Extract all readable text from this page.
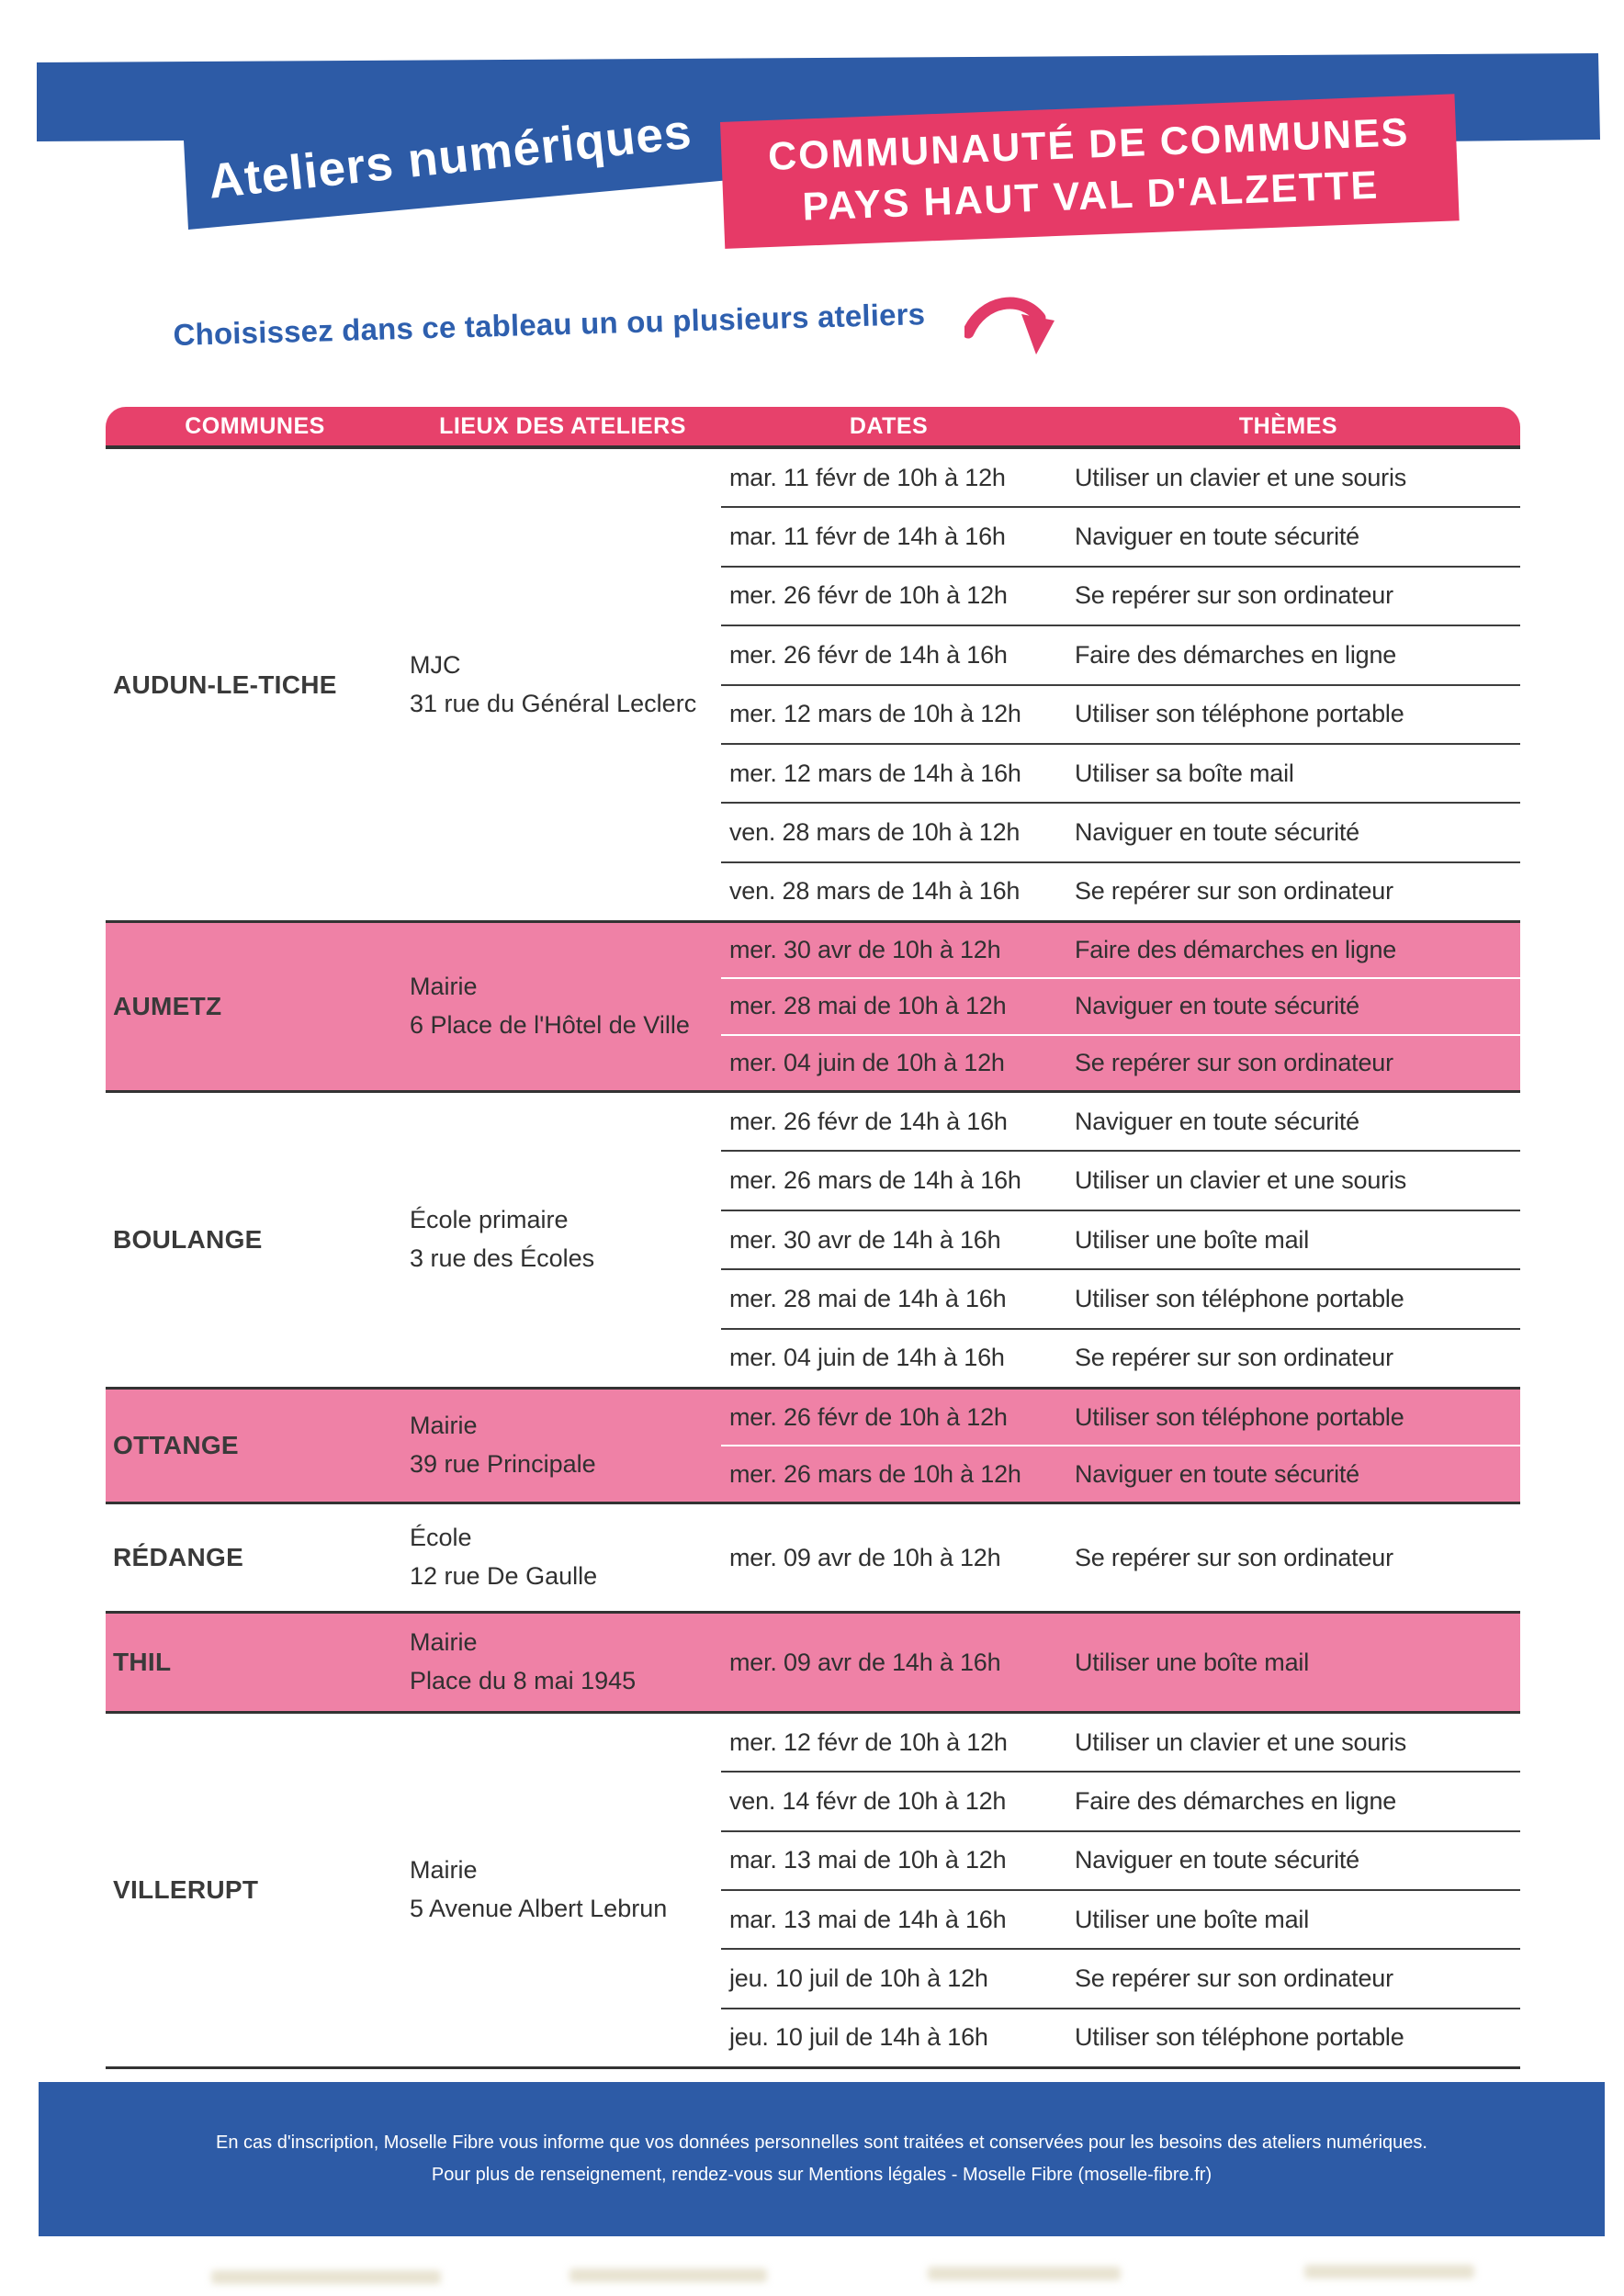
Ateliers numériques	COMMUNAUTÉ DE COMMUNES
PAYS HAUT VAL D'ALZETTE
Choisissez dans ce tableau un ou plusieurs ateliers
COMMUNES	LIEUX DES ATELIERS	DATES	THÈMES
AUDUN-LE-TICHE
MJC
31 rue du Général Leclerc
mar. 11 févr de 10h à 12h	Utiliser un clavier et une souris
mar. 11 févr de 14h à 16h	Naviguer en toute sécurité
mer. 26 févr de 10h à 12h	Se repérer sur son ordinateur
mer. 26 févr de 14h à 16h	Faire des démarches en ligne
mer. 12 mars de 10h à 12h	Utiliser son téléphone portable
mer. 12 mars de 14h à 16h	Utiliser sa boîte mail
ven. 28 mars de 10h à 12h	Naviguer en toute sécurité
ven. 28 mars de 14h à 16h	Se repérer sur son ordinateur
AUMETZ
Mairie
6 Place de l'Hôtel de Ville
mer. 30 avr de 10h à 12h	Faire des démarches en ligne
mer. 28 mai de 10h à 12h	Naviguer en toute sécurité
mer. 04 juin de 10h à 12h	Se repérer sur son ordinateur
BOULANGE
École primaire
3 rue des Écoles
mer. 26 févr de 14h à 16h	Naviguer en toute sécurité
mer. 26 mars de 14h à 16h	Utiliser un clavier et une souris
mer. 30 avr de 14h à 16h	Utiliser une boîte mail
mer. 28 mai de 14h à 16h	Utiliser son téléphone portable
mer. 04 juin de 14h à 16h	Se repérer sur son ordinateur
OTTANGE
Mairie
39 rue Principale
mer. 26 févr de 10h à 12h	Utiliser son téléphone portable
mer. 26 mars de 10h à 12h	Naviguer en toute sécurité
RÉDANGE
École
12 rue De Gaulle
mer. 09 avr de 10h à 12h	Se repérer sur son ordinateur
THIL
Mairie
Place du 8 mai 1945
mer. 09 avr de 14h à 16h	Utiliser une boîte mail
VILLERUPT
Mairie
5 Avenue Albert Lebrun
mer. 12 févr de 10h à 12h	Utiliser un clavier et une souris
ven. 14 févr de 10h à 12h	Faire des démarches en ligne
mar. 13 mai de 10h à 12h	Naviguer en toute sécurité
mar. 13 mai de 14h à 16h	Utiliser une boîte mail
jeu. 10 juil de 10h à 12h	Se repérer sur son ordinateur
jeu. 10 juil de 14h à 16h	Utiliser son téléphone portable
En cas d'inscription, Moselle Fibre vous informe que vos données personnelles sont traitées et conservées pour les besoins des ateliers numériques.
Pour plus de renseignement, rendez-vous sur Mentions légales - Moselle Fibre (moselle-fibre.fr)
